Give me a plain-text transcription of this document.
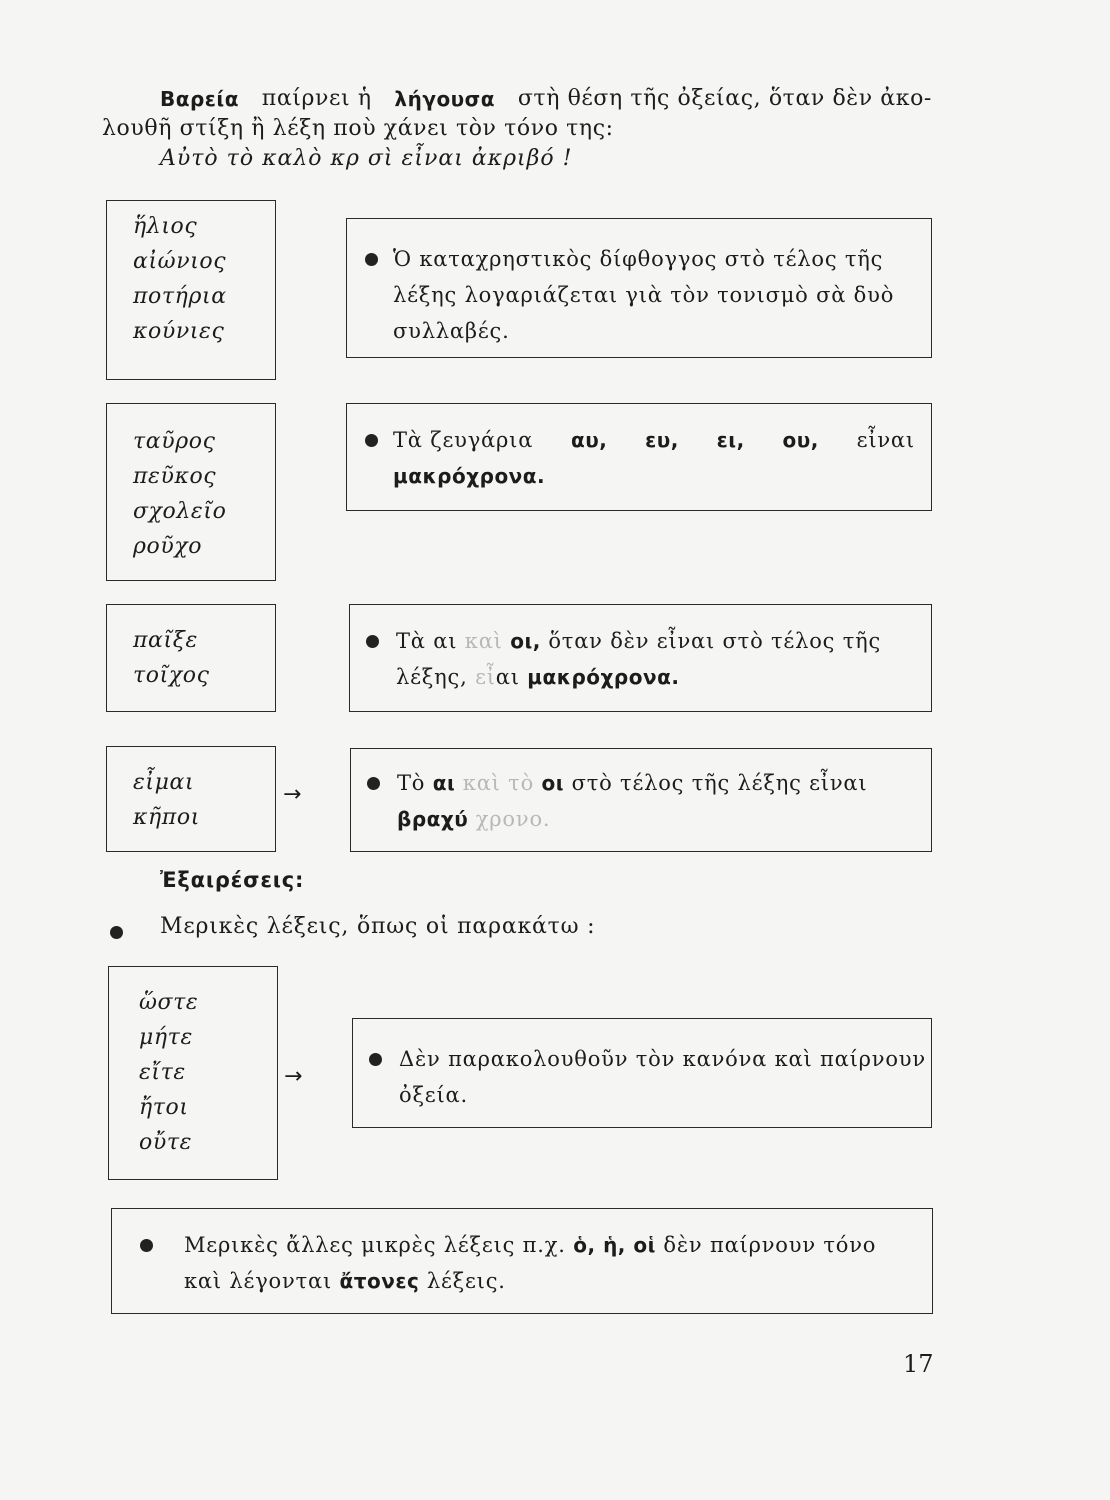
Βαρεία παίρνει ἡ λήγουσα στὴ θέση τῆς ὀξείας, ὅταν δὲν ἀκο-
λουθῆ στίξη ἢ λέξη ποὺ χάνει τὸν τόνο της:
Αὐτὸ τὸ καλὸ κρ σὶ εἶναι ἀκριβό !
ἥλιος
αἰώνιος
ποτήρια
κούνιες
Ὁ καταχρηστικὸς δίφθογγος στὸ τέλος τῆς
λέξης λογαριάζεται γιὰ τὸν τονισμὸ σὰ δυὸ
συλλαβές.
ταῦρος
πεῦκος
σχολεῖο
ροῦχο
Τὰ ζευγάρια αυ, ευ, ει, ου, εἶναι
μακρόχρονα.
παῖξε
τοῖχος
Τὰ αι καὶ οι, ὅταν δὲν εἶναι στὸ τέλος τῆς
λέξης, εἶαι μακρόχρονα.
εἶμαι
κῆποι
→	Τὸ αι καὶ τὸ οι στὸ τέλος τῆς λέξης εἶναι
βραχύ χρονο.
Ἐξαιρέσεις:
Μερικὲς λέξεις, ὅπως οἱ παρακάτω :
ὥστε
μήτε
εἴτε
ἤτοι
οὔτε
→
Δὲν παρακολουθοῦν τὸν κανόνα καὶ παίρνουν
ὀξεία.
Μερικὲς ἄλλες μικρὲς λέξεις π.χ. ὁ, ἡ, οἱ δὲν παίρνουν τόνο
καὶ λέγονται ἄτονες λέξεις.
17
